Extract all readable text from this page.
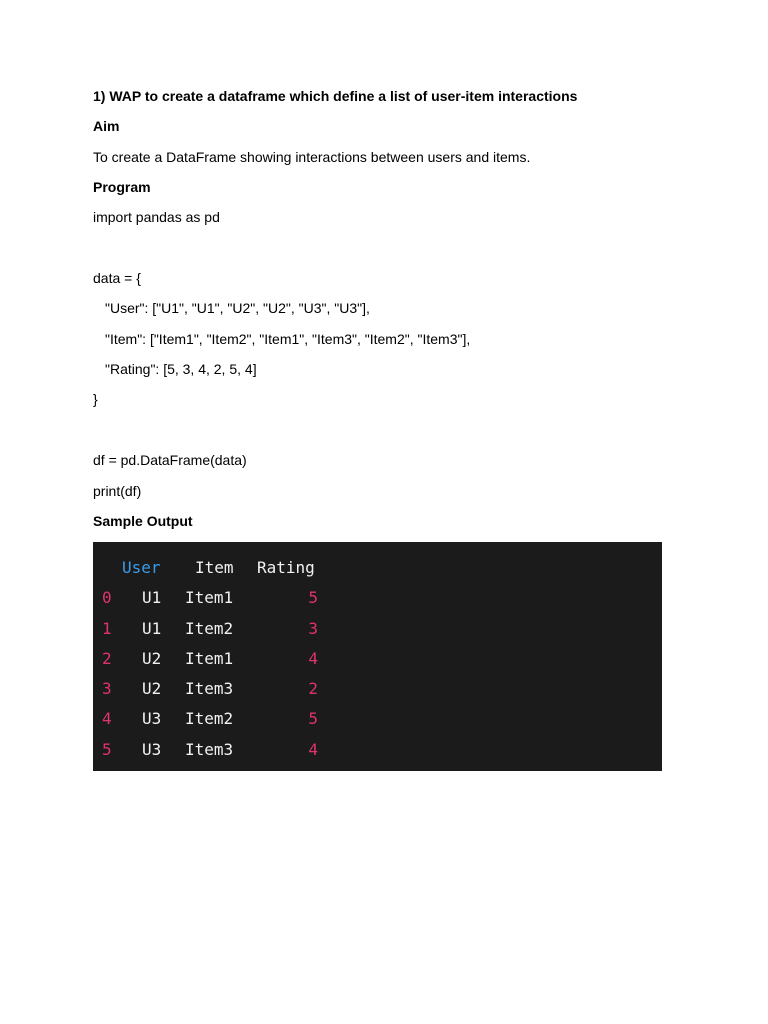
1) WAP to create a dataframe which define a list of user-item interactions
Aim
To create a DataFrame showing interactions between users and items.
Program
import pandas as pd
data = {
"User": ["U1", "U1", "U2", "U2", "U3", "U3"],
"Item": ["Item1", "Item2", "Item1", "Item3", "Item2", "Item3"],
"Rating": [5, 3, 4, 2, 5, 4]
}
df = pd.DataFrame(data)
print(df)
Sample Output
User Item Rating
0 U1 Item1	5
1 U1 Item2	3
2 U2 Item1	4
3 U2 Item3	2
4 U3 Item2	5
5 U3 Item3	4
